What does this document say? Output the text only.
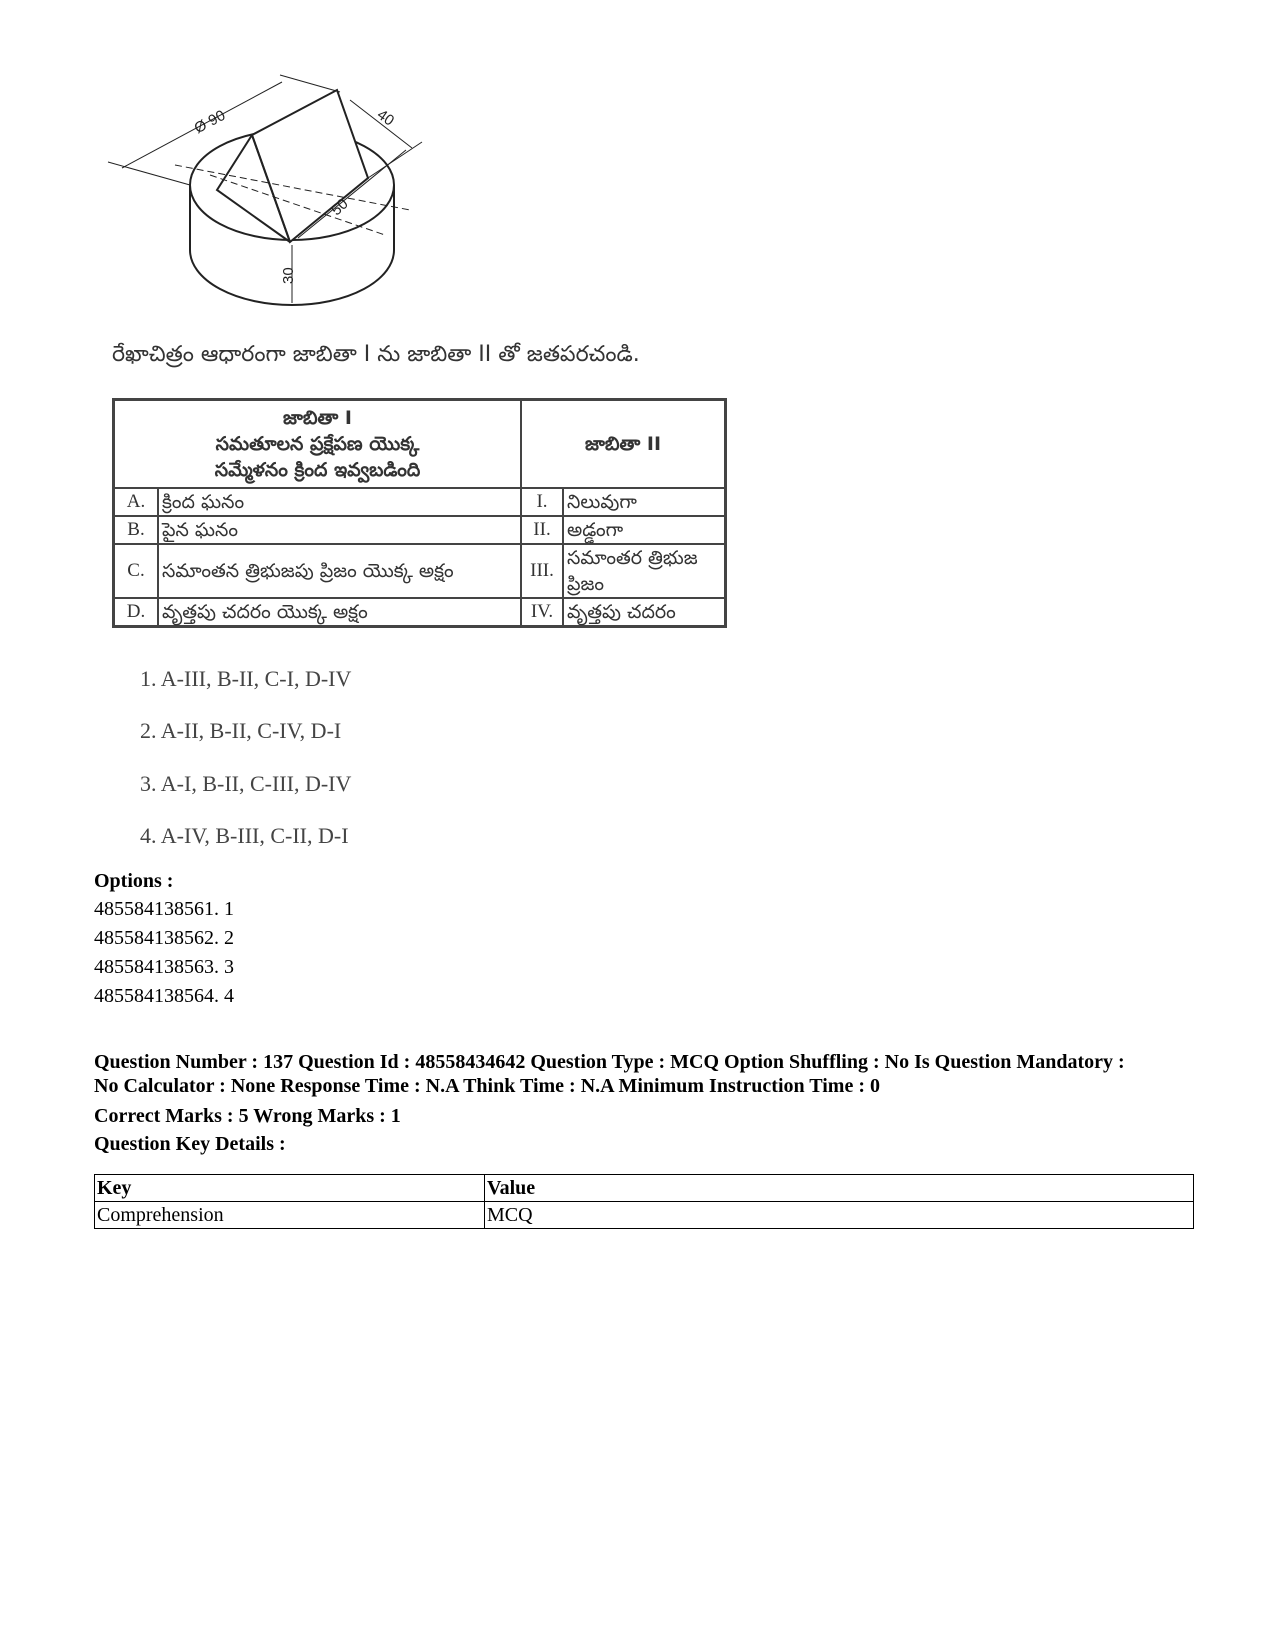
Ø 90	40
50
30
రేఖాచిత్రం ఆధారంగా జాబితా I ను జాబితా II తో జతపరచండి.
జాబితా I
సమతూలన ప్రక్షేపణ యొక్క
సమ్మేళనం క్రింద ఇవ్వబడింది		జాబితా II	
A.	క్రింద ఘనం	I.	నిలువుగా
B.	పైన ఘనం	II.	అడ్డంగా
C.	సమాంతన త్రిభుజపు ప్రిజం యొక్క అక్షం	III.	సమాంతర త్రిభుజ ప్రిజం
D.	వృత్తపు చదరం యొక్క అక్షం	IV.	వృత్తపు చదరం
1. A-III, B-II, C-I, D-IV
2. A-II, B-II, C-IV, D-I
3. A-I, B-II, C-III, D-IV
4. A-IV, B-III, C-II, D-I
Options :
485584138561. 1
485584138562. 2
485584138563. 3
485584138564. 4
Question Number : 137 Question Id : 48558434642 Question Type : MCQ Option Shuffling : No Is Question Mandatory :
No Calculator : None Response Time : N.A Think Time : N.A Minimum Instruction Time : 0
Correct Marks : 5 Wrong Marks : 1
Question Key Details :
Key	Value
Comprehension	MCQ
